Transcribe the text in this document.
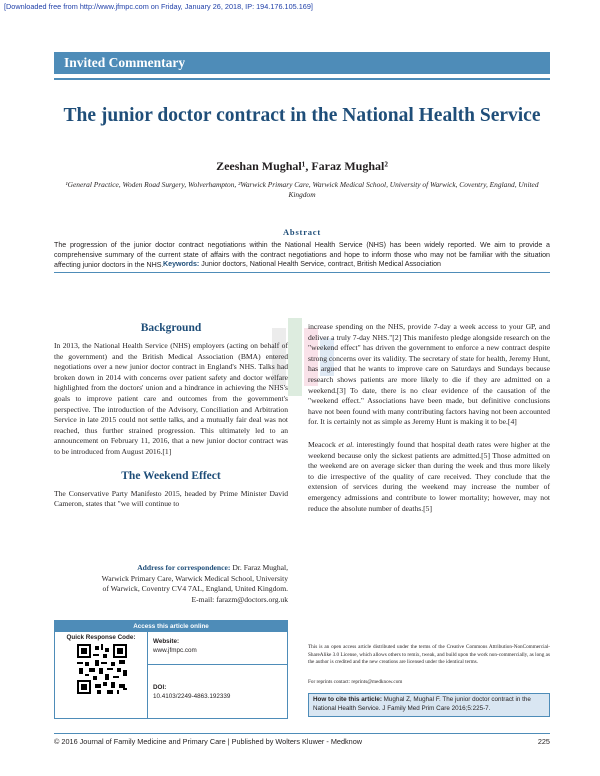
[Downloaded free from http://www.jfmpc.com on Friday, January 26, 2018, IP: 194.176.105.169]
Invited Commentary
The junior doctor contract in the National Health Service
Zeeshan Mughal¹, Faraz Mughal²
¹General Practice, Woden Road Surgery, Wolverhampton, ²Warwick Primary Care, Warwick Medical School, University of Warwick, Coventry, England, United Kingdom
Abstract

The progression of the junior doctor contract negotiations within the National Health Service (NHS) has been widely reported. We aim to provide a comprehensive summary of the current state of affairs with the contract negotiations and hope to inform those who may not be familiar with the situation affecting junior doctors in the NHS. Keywords: Junior doctors, National Health Service, contract, British Medical Association
Background

In 2013, the National Health Service (NHS) employers (acting on behalf of the government) and the British Medical Association (BMA) entered negotiations over a new junior doctor contract in England's NHS. Talks had broken down in 2014 with concerns over patient safety and doctor welfare highlighted from the doctors' union and a hindrance in achieving the NHS's goals to improve patient care and outcomes from the government's perspective. The introduction of the Advisory, Conciliation and Arbitration Service in late 2015 could not settle talks, and a mutually fair deal was not reached, thus further strained progression. This ultimately led to an announcement on February 11, 2016, that a new junior doctor contract was to be introduced from August 2016.[1]

The Weekend Effect

The Conservative Party Manifesto 2015, headed by Prime Minister David Cameron, states that "we will continue to

increase spending on the NHS, provide 7-day a week access to your GP, and deliver a truly 7-day NHS."[2] This manifesto pledge alongside research on the "weekend effect" has driven the government to enforce a new contract despite strong concerns over its validity. The secretary of state for health, Jeremy Hunt, has argued that he wants to improve care on Saturdays and Sundays because research shows patients are more likely to die if they are admitted on a weekend.[3] To date, there is no clear evidence of the causation of the "weekend effect." Associations have been made, but definitive conclusions have not been found with many contributing factors having not been accounted for. It is certainly not as simple as Jeremy Hunt is making it to be.[4]

Meacock et al. interestingly found that hospital death rates were higher at the weekend because only the sickest patients are admitted.[5] Those admitted on the weekend are on average sicker than during the week and thus more likely to die irrespective of the quality of care received. They conclude that the extension of services during the weekend may increase the number of emergency admissions and contribute to lower mortality; however, may not reduce the absolute number of deaths.[5]

Address for correspondence: Dr. Faraz Mughal,
Warwick Primary Care, Warwick Medical School, University
of Warwick, Coventry CV4 7AL, England, United Kingdom.
E-mail: farazm@doctors.org.uk
Access this article online
Quick Response Code:
Website:
www.jfmpc.com
DOI:
10.4103/2249-4863.192339

This is an open access article distributed under the terms of the Creative Commons Attribution-NonCommercial-ShareAlike 3.0 License, which allows others to remix, tweak, and build upon the work non-commercially, as long as the author is credited and the new creations are licensed under the identical terms.

For reprints contact: reprints@medknow.com
How to cite this article: Mughal Z, Mughal F. The junior doctor contract in the National Health Service. J Family Med Prim Care 2016;5:225-7.
© 2016 Journal of Family Medicine and Primary Care | Published by Wolters Kluwer - Medknow	225
